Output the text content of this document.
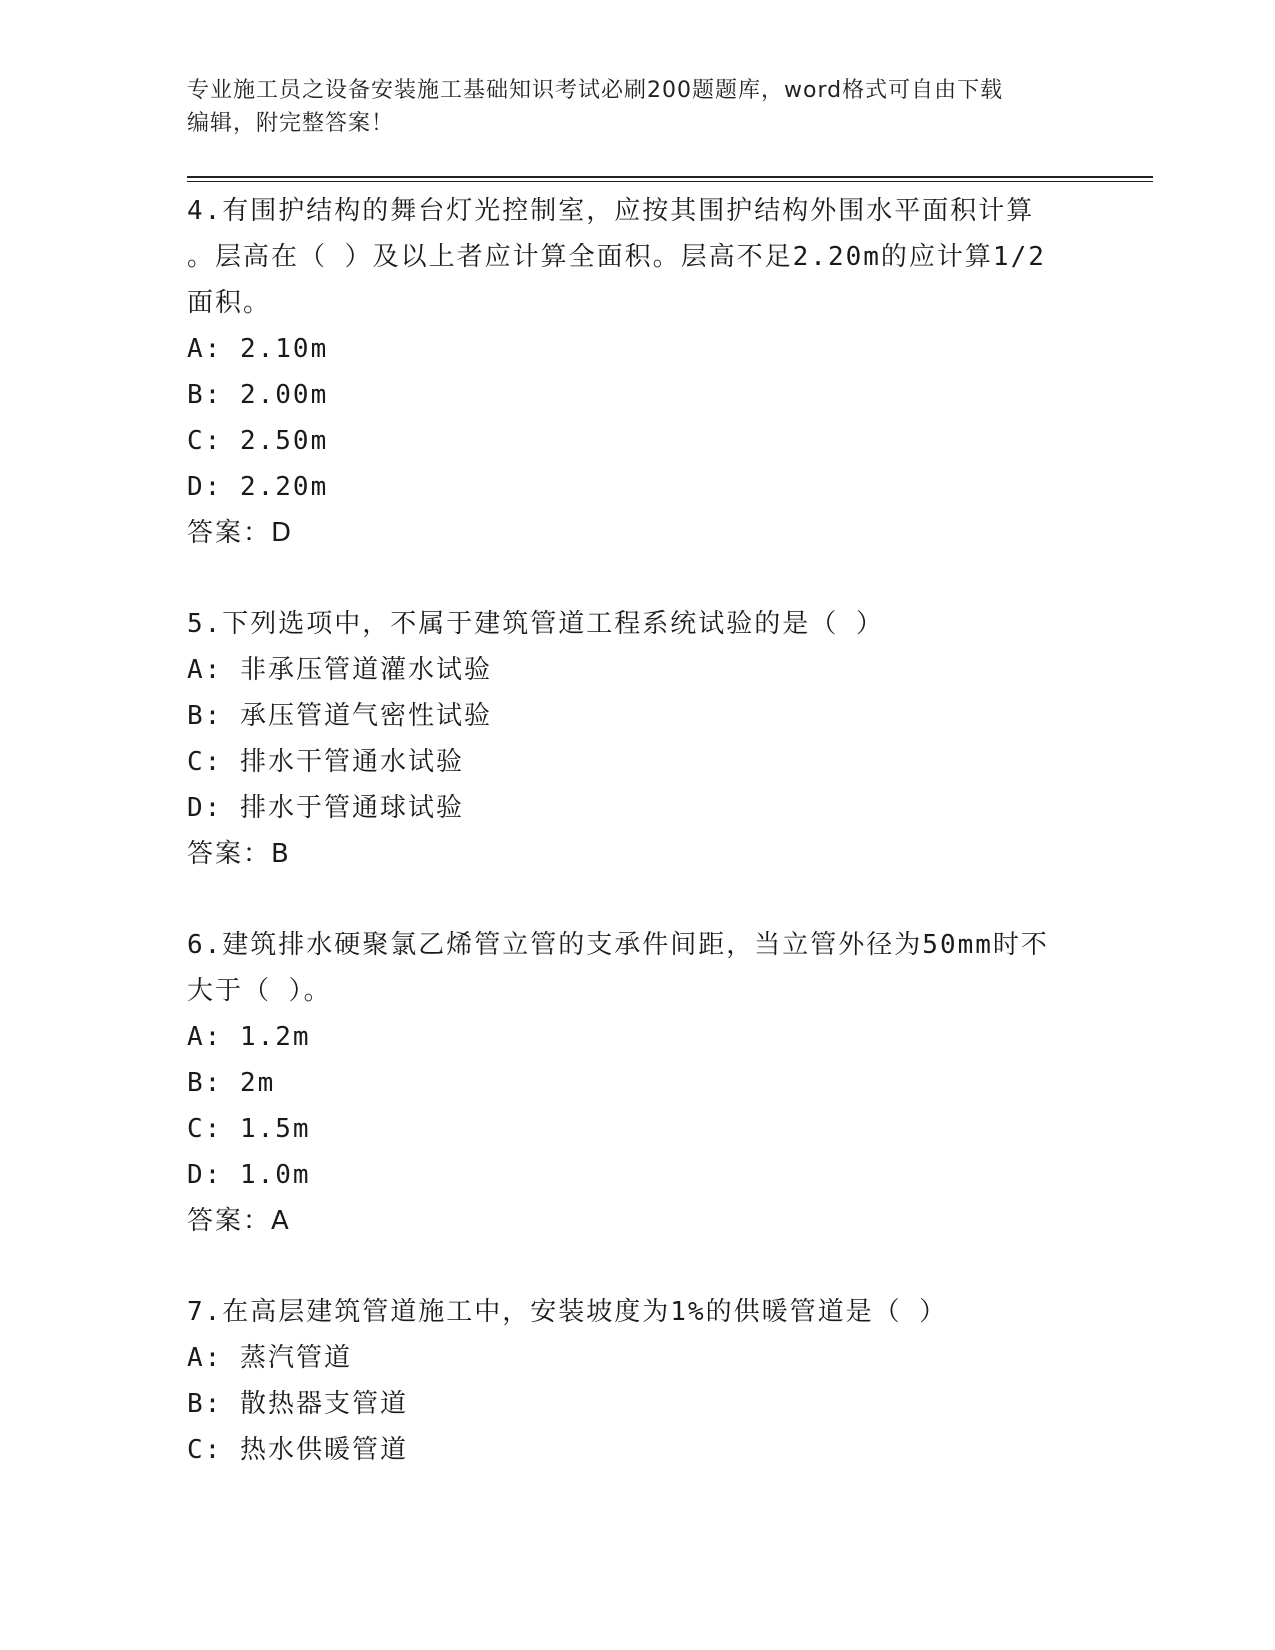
专业施工员之设备安装施工基础知识考试必刷200题题库，word格式可自由下载
编辑，附完整答案！

4.有围护结构的舞台灯光控制室，应按其围护结构外围水平面积计算

。层高在（ ）及以上者应计算全面积。层高不足2.20m的应计算1/2

面积。

A: 2.10m

B: 2.00m

C: 2.50m

D: 2.20m

答案：D

5.下列选项中，不属于建筑管道工程系统试验的是（ ）

A: 非承压管道灌水试验

B: 承压管道气密性试验

C: 排水干管通水试验

D: 排水于管通球试验

答案：B

6.建筑排水硬聚氯乙烯管立管的支承件间距，当立管外径为50mm时不

大于（ ）。

A: 1.2m

B: 2m

C: 1.5m

D: 1.0m

答案：A

7.在高层建筑管道施工中，安装坡度为1%的供暖管道是（ ）

A: 蒸汽管道

B: 散热器支管道

C: 热水供暖管道
